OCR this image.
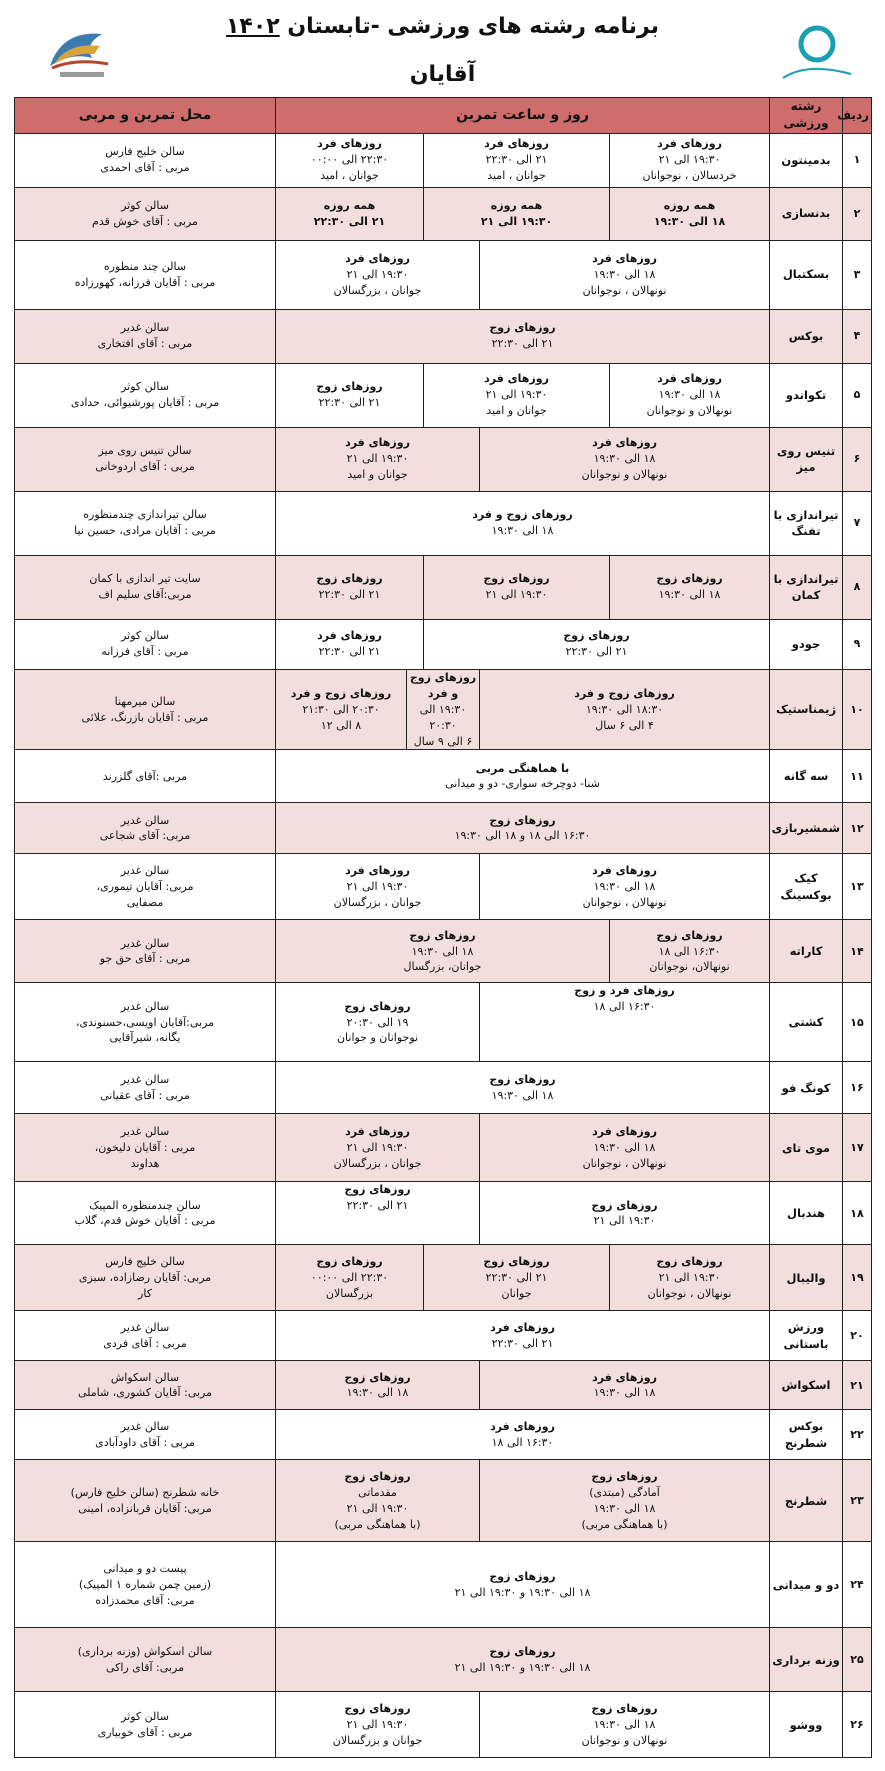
برنامه رشته های ورزشی -تابستان ۱۴۰۲
آقایان
ردیف	رشته ورزشی	روز و ساعت تمرین					محل تمرین و مربی
۱	بدمینتون	روزهای فرد
۱۹:۳۰ الی ۲۱
خردسالان ، نوجوانان	روزهای فرد
۲۱ الی ۲۲:۳۰
جوانان ، امید		روزهای فرد
۲۲:۳۰ الی ۰۰:۰۰
جوانان ، امید		سالن خلیج فارس
مربی : آقای احمدی

۲	بدنسازی	همه روزه
۱۸ الی ۱۹:۳۰	همه روزه
۱۹:۳۰ الی ۲۱		همه روزه
۲۱ الی ۲۲:۳۰		سالن کوثر
مربی : آقای خوش قدم

۳	بسکتبال	روزهای فرد
۱۸ الی ۱۹:۳۰
نونهالان ، نوجوانان		روزهای فرد
۱۹:۳۰ الی ۲۱
جوانان ، بزرگسالان			سالن چند منظوره
مربی : آقایان فرزانه، کهورزاده

۴	بوکس	روزهای زوج
۲۱ الی ۲۲:۳۰					سالن غدیر
مربی : آقای افتخاری

۵	تکواندو	روزهای فرد
۱۸ الی ۱۹:۳۰
نونهالان و نوجوانان	روزهای فرد
۱۹:۳۰ الی ۲۱
جوانان و امید		روزهای زوج
۲۱ الی ۲۲:۳۰		سالن کوثر
مربی : آقایان پورشیوائی، حدادی

۶	تنیس روی میز	روزهای فرد
۱۸ الی ۱۹:۳۰
نونهالان و نوجوانان		روزهای فرد
۱۹:۳۰ الی ۲۱
جوانان و امید			سالن تنیس روی میز
مربی : آقای اردوخانی

۷	تیراندازی با تفنگ	روزهای زوج و فرد
۱۸ الی ۱۹:۳۰					سالن تیراندازی چندمنظوره
مربی : آقایان مرادی، حسین نیا

۸	تیراندازی با کمان	روزهای زوج
۱۸ الی ۱۹:۳۰	روزهای زوج
۱۹:۳۰ الی ۲۱		روزهای زوج
۲۱ الی ۲۲:۳۰		سایت تیر اندازی با کمان
مربی:آقای سلیم اف

۹	جودو	روزهای زوج
۲۱ الی ۲۲:۳۰			روزهای فرد
۲۱ الی ۲۲:۳۰		سالن کوثر
مربی : آقای فرزانه

۱۰	ژیمناستیک	روزهای زوج و فرد
۱۸:۳۰ الی ۱۹:۳۰
۴ الی ۶ سال		روزهای زوج و فرد
۱۹:۳۰ الی ۲۰:۳۰
۶ الی ۹ سال		روزهای زوج و فرد
۲۰:۳۰ الی ۲۱:۳۰
۸ الی ۱۲	سالن میرمهنا
مربی : آقایان بازرنگ، علائی

۱۱	سه گانه	با هماهنگی مربی
شنا- دوچرخه سواری- دو و میدانی					مربی :آقای گلزرند

۱۲	شمشیربازی	روزهای زوج
۱۶:۳۰ الی ۱۸ و ۱۸ الی ۱۹:۳۰					سالن غدیر
مربی: آقای شجاعی

۱۳	کیک بوکسینگ	روزهای فرد
۱۸ الی ۱۹:۳۰
نونهالان ، نوجوانان		روزهای فرد
۱۹:۳۰ الی ۲۱
جوانان ، بزرگسالان			سالن غدیر
مربی: آقایان تیموری،
مصفایی

۱۴	کاراته	روزهای زوج
۱۶:۳۰ الی ۱۸
نونهالان، نوجوانان	روزهای زوج
۱۸ الی ۱۹:۳۰
جوانان، بزرگسال				سالن غدیر
مربی : آقای حق جو

۱۵	کشتی	روزهای فرد و زوج
۱۶:۳۰ الی ۱۸		روزهای زوج
۱۹ الی ۲۰:۳۰
نوجوانان و جوانان			سالن غدیر
مربی:آقایان اویسی،حسنوندی،
یگانه، شیرآقایی

۱۶	کونگ فو	روزهای زوج
۱۸ الی ۱۹:۳۰					سالن غدیر
مربی : آقای عقیانی

۱۷	موی تای	روزهای فرد
۱۸ الی ۱۹:۳۰
نونهالان ، نوجوانان		روزهای فرد
۱۹:۳۰ الی ۲۱
جوانان ، بزرگسالان			سالن غدیر
مربی : آقایان دلیخون،
هداوند

۱۸	هندبال	روزهای زوج
۱۹:۳۰ الی ۲۱		روزهای زوج
۲۱ الی ۲۲:۳۰			سالن چندمنظوره المپیک
مربی : آقایان خوش قدم، گلاب

۱۹	والیبال	روزهای زوج
۱۹:۳۰ الی ۲۱
نونهالان ، نوجوانان	روزهای زوج
۲۱ الی ۲۲:۳۰
جوانان		روزهای زوج
۲۲:۳۰ الی ۰۰:۰۰
بزرگسالان		سالن خلیج فارس
مربی: آقایان رضازاده، سبزی
کار

۲۰	ورزش باستانی	روزهای فرد
۲۱ الی ۲۲:۳۰					سالن غدیر
مربی : آقای فردی

۲۱	اسکواش	روزهای فرد
۱۸ الی ۱۹:۳۰		روزهای زوج
۱۸ الی ۱۹:۳۰			سالن اسکواش
مربی: آقایان کشوری، شاملی

۲۲	بوکس شطرنج	روزهای فرد
۱۶:۳۰ الی ۱۸					سالن غدیر
مربی : آقای داودآبادی

۲۳	شطرنج	روزهای زوج
آمادگی (مبتدی)
۱۸ الی ۱۹:۳۰
(با هماهنگی مربی)		روزهای زوج
مقدماتی
۱۹:۳۰ الی ۲۱
(با هماهنگی مربی)			خانه شطرنج (سالن خلیج فارس)
مربی: آقایان قربانزاده، امینی

۲۴	دو و میدانی	روزهای زوج
۱۸ الی ۱۹:۳۰ و ۱۹:۳۰ الی ۲۱					پیست دو و میدانی
(زمین چمن شماره ۱ المپیک)
مربی: آقای محمدزاده

۲۵	وزنه برداری	روزهای زوج
۱۸ الی ۱۹:۳۰ و ۱۹:۳۰ الی ۲۱					سالن اسکواش (وزنه برداری)
مربی: آقای راکی

۲۶	ووشو	روزهای زوج
۱۸ الی ۱۹:۳۰
نونهالان و نوجوانان		روزهای زوج
۱۹:۳۰ الی ۲۱
جوانان و بزرگسالان			سالن کوثر
مربی : آقای خوبیاری
